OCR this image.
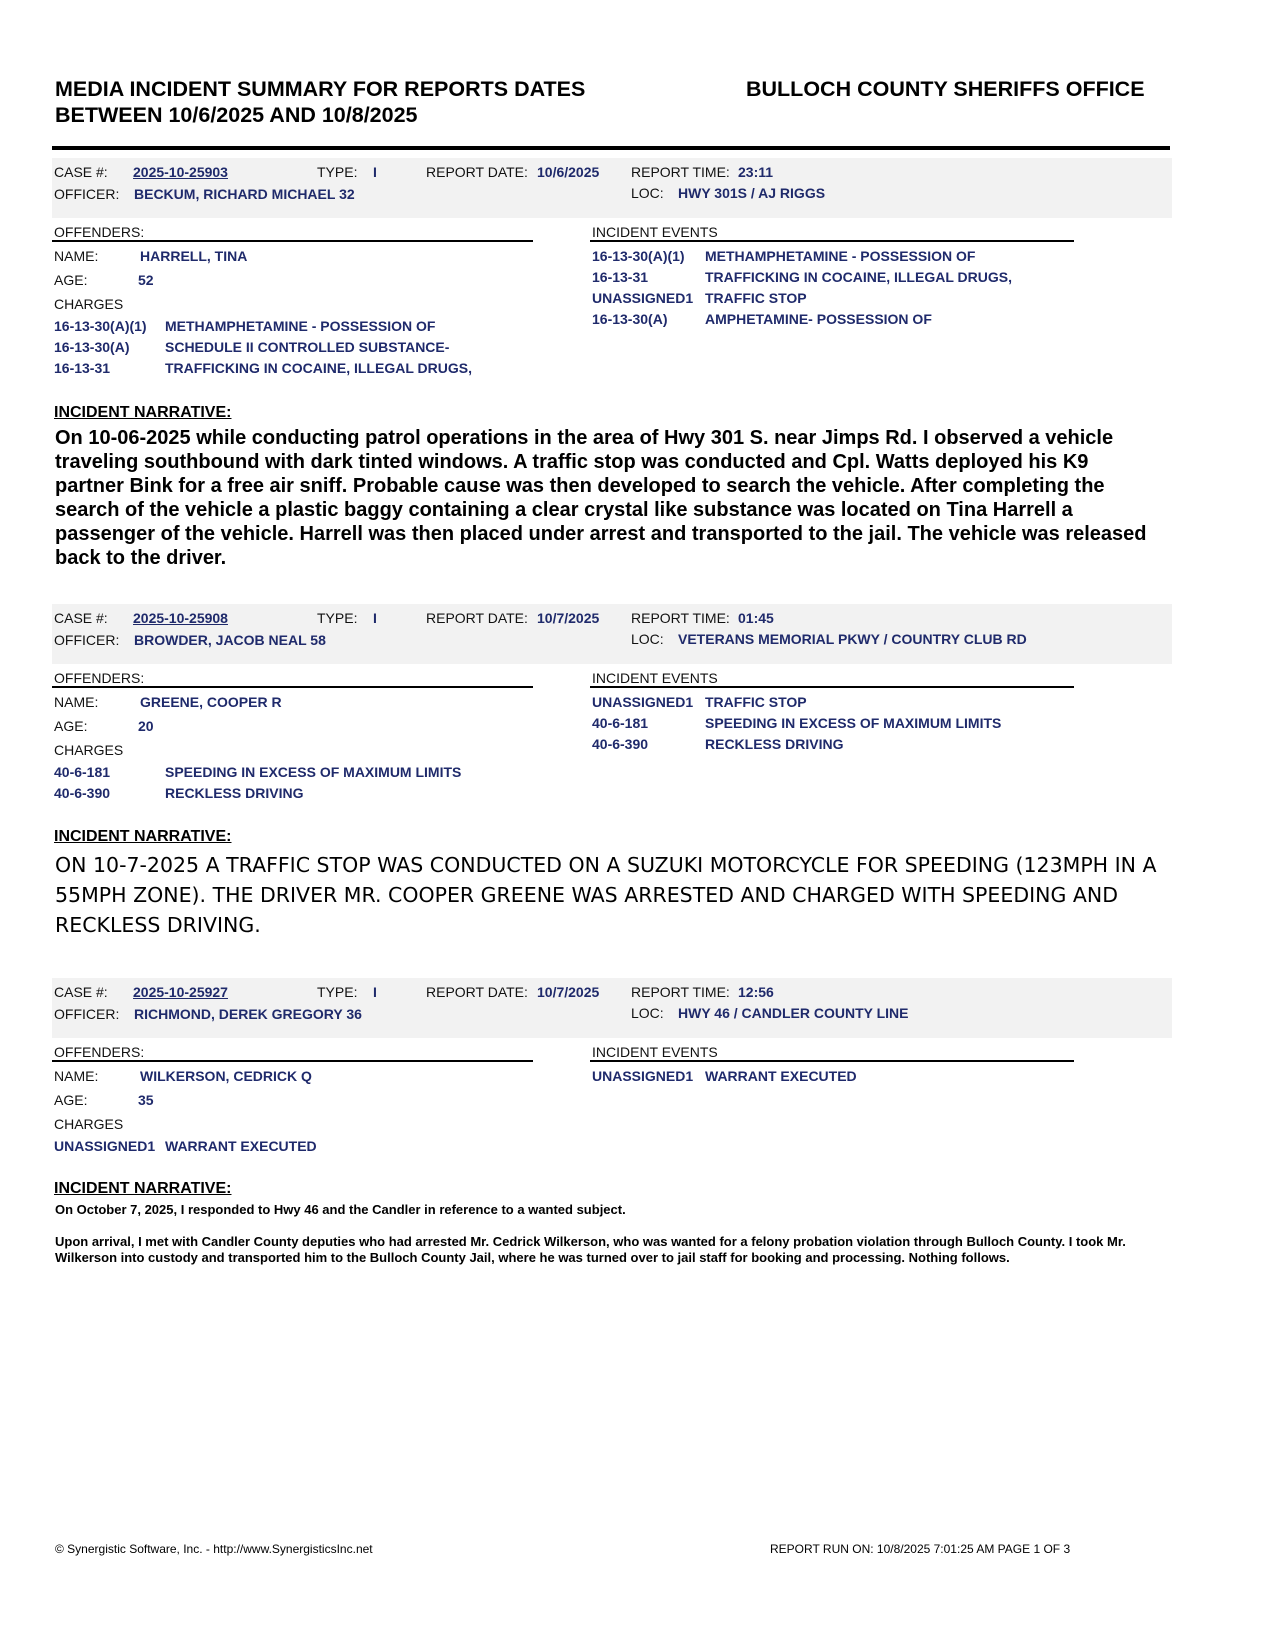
MEDIA INCIDENT SUMMARY FOR REPORTS DATES BETWEEN 10/6/2025 AND 10/8/2025
BULLOCH COUNTY SHERIFFS OFFICE
CASE #: 2025-10-25903	TYPE: I	REPORT DATE: 10/6/2025 REPORT TIME: 23:11
OFFICER: BECKUM, RICHARD MICHAEL 32	LOC: HWY 301S / AJ RIGGS
OFFENDERS:	INCIDENT EVENTS
NAME:	HARRELL, TINA
AGE:	52
CHARGES
16-13-30(A)(1) METHAMPHETAMINE - POSSESSION OF
16-13-30(A)	SCHEDULE II CONTROLLED SUBSTANCE-
16-13-31	TRAFFICKING IN COCAINE, ILLEGAL DRUGS,
16-13-30(A)(1) METHAMPHETAMINE - POSSESSION OF
16-13-31	TRAFFICKING IN COCAINE, ILLEGAL DRUGS,
UNASSIGNED1 TRAFFIC STOP
16-13-30(A)	AMPHETAMINE- POSSESSION OF
INCIDENT NARRATIVE:
On 10-06-2025 while conducting patrol operations in the area of Hwy 301 S. near Jimps Rd. I observed a vehicle traveling southbound with dark tinted windows. A traffic stop was conducted and Cpl. Watts deployed his K9 partner Bink for a free air sniff. Probable cause was then developed to search the vehicle. After completing the search of the vehicle a plastic baggy containing a clear crystal like substance was located on Tina Harrell a passenger of the vehicle. Harrell was then placed under arrest and transported to the jail. The vehicle was released back to the driver.
CASE #: 2025-10-25908	TYPE: I	REPORT DATE: 10/7/2025 REPORT TIME: 01:45
OFFICER: BROWDER, JACOB NEAL 58	LOC: VETERANS MEMORIAL PKWY / COUNTRY CLUB RD
OFFENDERS:	INCIDENT EVENTS
NAME:	GREENE, COOPER R
AGE:	20
CHARGES
40-6-181	SPEEDING IN EXCESS OF MAXIMUM LIMITS
40-6-390	RECKLESS DRIVING
UNASSIGNED1 TRAFFIC STOP
40-6-181	SPEEDING IN EXCESS OF MAXIMUM LIMITS
40-6-390	RECKLESS DRIVING
INCIDENT NARRATIVE:
ON 10-7-2025 A TRAFFIC STOP WAS CONDUCTED ON A SUZUKI MOTORCYCLE FOR SPEEDING (123MPH IN A 55MPH ZONE). THE DRIVER MR. COOPER GREENE WAS ARRESTED AND CHARGED WITH SPEEDING AND RECKLESS DRIVING.
CASE #: 2025-10-25927	TYPE: I	REPORT DATE: 10/7/2025 REPORT TIME: 12:56
OFFICER: RICHMOND, DEREK GREGORY 36	LOC: HWY 46 / CANDLER COUNTY LINE
OFFENDERS:	INCIDENT EVENTS
NAME:	WILKERSON, CEDRICK Q
AGE:	35
CHARGES
UNASSIGNED1 WARRANT EXECUTED
UNASSIGNED1 WARRANT EXECUTED
INCIDENT NARRATIVE:
On October 7, 2025, I responded to Hwy 46 and the Candler in reference to a wanted subject.
Upon arrival, I met with Candler County deputies who had arrested Mr. Cedrick Wilkerson, who was wanted for a felony probation violation through Bulloch County. I took Mr. Wilkerson into custody and transported him to the Bulloch County Jail, where he was turned over to jail staff for booking and processing. Nothing follows.
© Synergistic Software, Inc. - http://www.SynergisticsInc.net	REPORT RUN ON: 10/8/2025 7:01:25 AM PAGE 1 OF 3
